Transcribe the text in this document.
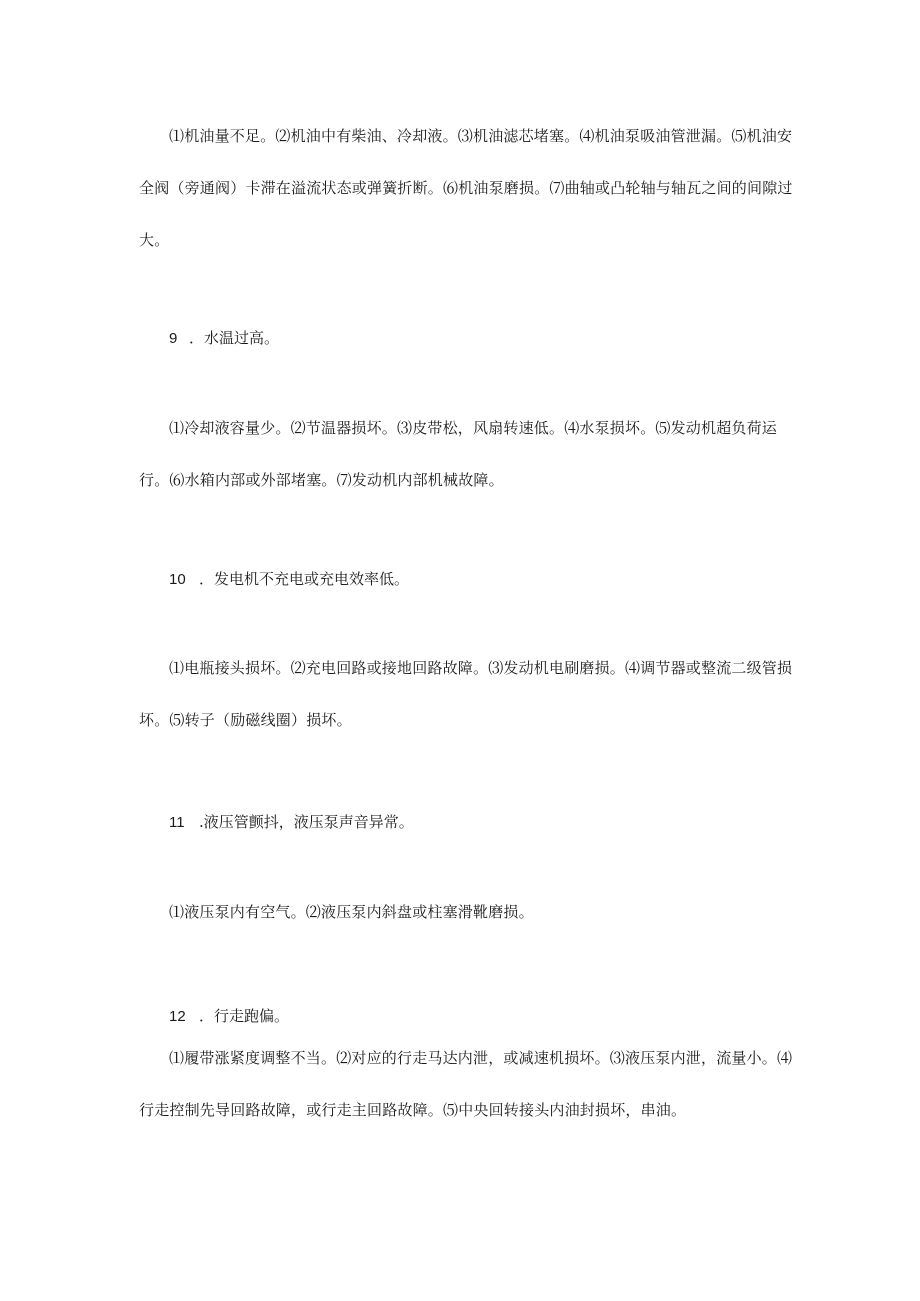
⑴机油量不足。⑵机油中有柴油、冷却液。⑶机油滤芯堵塞。⑷机油泵吸油管泄漏。⑸机油安全阀（旁通阀）卡滞在溢流状态或弹簧折断。⑹机油泵磨损。⑺曲轴或凸轮轴与轴瓦之间的间隙过大。

9 ．水温过高。

⑴冷却液容量少。⑵节温器损坏。⑶皮带松，风扇转速低。⑷水泵损坏。⑸发动机超负荷运行。⑹水箱内部或外部堵塞。⑺发动机内部机械故障。

10 ．发电机不充电或充电效率低。

⑴电瓶接头损坏。⑵充电回路或接地回路故障。⑶发动机电刷磨损。⑷调节器或整流二级管损坏。⑸转子（励磁线圈）损坏。

11 .液压管颤抖，液压泵声音异常。

⑴液压泵内有空气。⑵液压泵内斜盘或柱塞滑靴磨损。

12 ．行走跑偏。

⑴履带涨紧度调整不当。⑵对应的行走马达内泄，或减速机损坏。⑶液压泵内泄，流量小。⑷行走控制先导回路故障，或行走主回路故障。⑸中央回转接头内油封损坏，串油。
